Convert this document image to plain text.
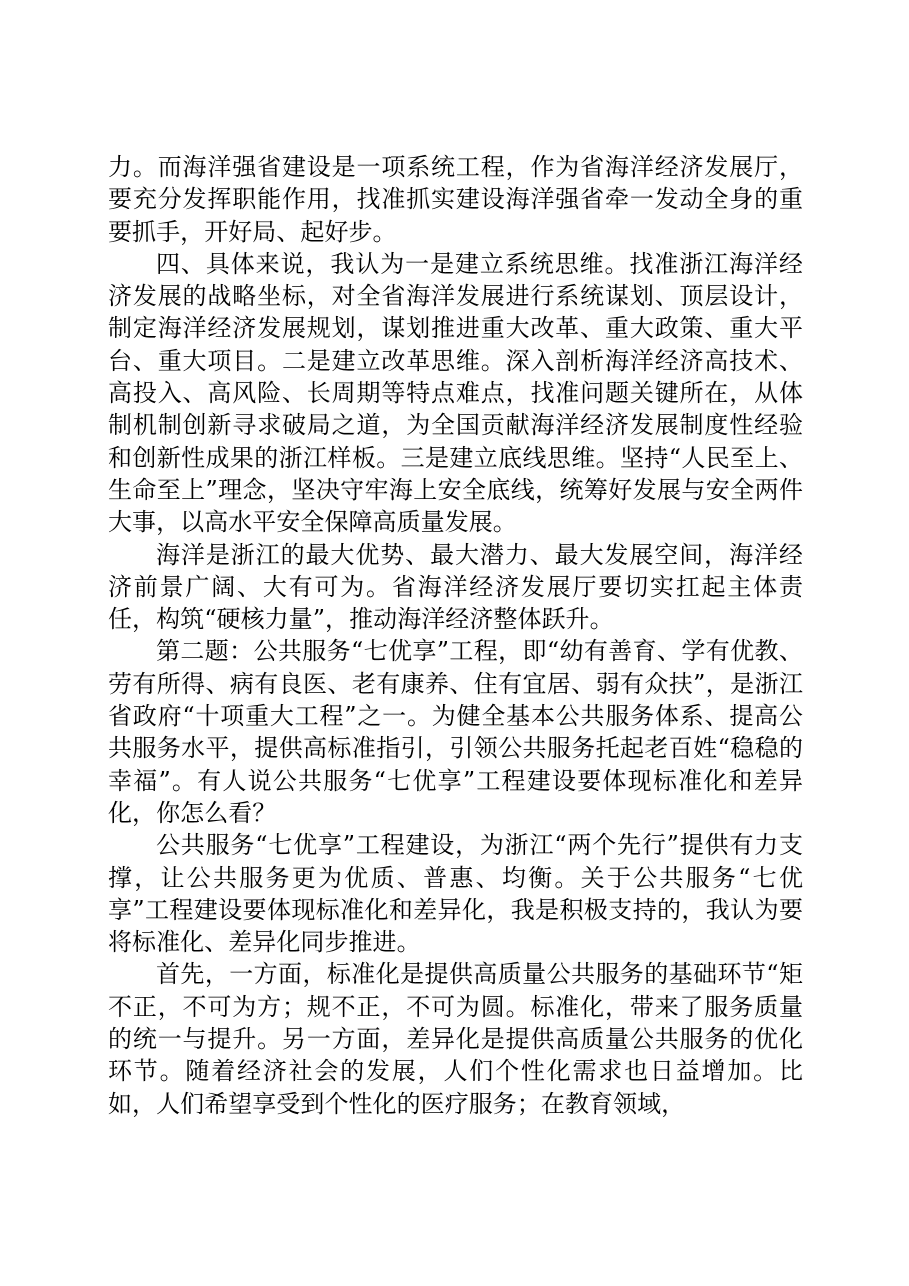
力。而海洋强省建设是一项系统工程，作为省海洋经济发展厅，要充分发挥职能作用，找准抓实建设海洋强省牵一发动全身的重要抓手，开好局、起好步。

四、具体来说，我认为一是建立系统思维。找准浙江海洋经济发展的战略坐标，对全省海洋发展进行系统谋划、顶层设计，制定海洋经济发展规划，谋划推进重大改革、重大政策、重大平台、重大项目。二是建立改革思维。深入剖析海洋经济高技术、高投入、高风险、长周期等特点难点，找准问题关键所在，从体制机制创新寻求破局之道，为全国贡献海洋经济发展制度性经验和创新性成果的浙江样板。三是建立底线思维。坚持“人民至上、生命至上”理念，坚决守牢海上安全底线，统筹好发展与安全两件大事，以高水平安全保障高质量发展。

海洋是浙江的最大优势、最大潜力、最大发展空间，海洋经济前景广阔、大有可为。省海洋经济发展厅要切实扛起主体责任，构筑“硬核力量”，推动海洋经济整体跃升。

第二题：公共服务“七优享”工程，即“幼有善育、学有优教、劳有所得、病有良医、老有康养、住有宜居、弱有众扶”，是浙江省政府“十项重大工程”之一。为健全基本公共服务体系、提高公共服务水平，提供高标准指引，引领公共服务托起老百姓“稳稳的幸福”。有人说公共服务“七优享”工程建设要体现标准化和差异化，你怎么看？

公共服务“七优享”工程建设，为浙江“两个先行”提供有力支撑，让公共服务更为优质、普惠、均衡。关于公共服务“七优享”工程建设要体现标准化和差异化，我是积极支持的，我认为要将标准化、差异化同步推进。

首先，一方面，标准化是提供高质量公共服务的基础环节“矩不正，不可为方；规不正，不可为圆。标准化，带来了服务质量的统一与提升。另一方面，差异化是提供高质量公共服务的优化环节。随着经济社会的发展，人们个性化需求也日益增加。比如，人们希望享受到个性化的医疗服务；在教育领域，
